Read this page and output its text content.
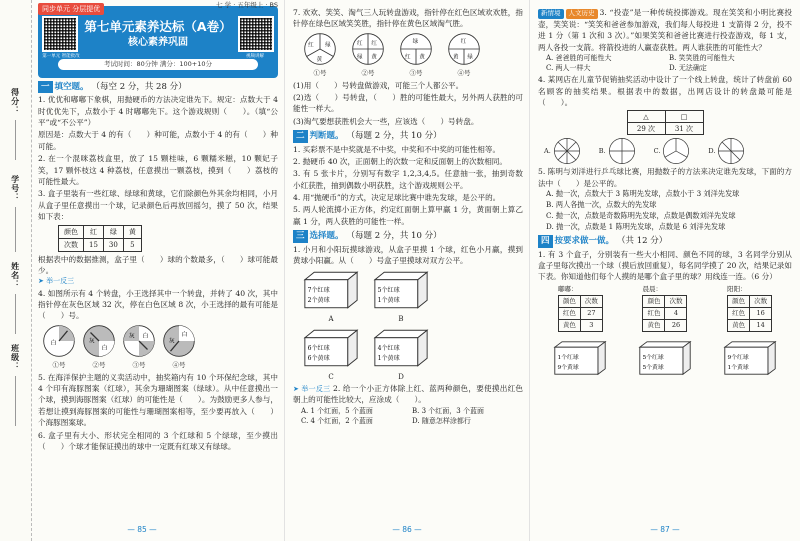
得分：
学号：
姓名：
班级：
同步单元 分层提优
第一单元 智能批改
第七单元素养达标（A卷）
核心素养巩固
视频讲解
考试时间：80分钟 满分：100+10分
七 学 · 五年级上 · BS
一 填空题。 （每空 2 分，共 28 分）
1. 优优和嘟嘟下象棋，用抛硬币的方法决定谁先下。规定：点数大于 4 时优优先下，点数小于 4 时嘟嘟先下。这个游戏规则（　　）。（填“公平”或“不公平”）
原因是：点数大于 4 的有（　　）种可能，点数小于 4 的有（　　）种可能。
2. 在一个混咪荔枝盒里，放了 15 颗桂味，6 颗糯米糍，10 颗妃子笑，17 颗怀枝这 4 种荔枝，任意摸出一颗荔枝，摸到（　　）荔枝的可能性最大。
3. 盒子里装有一些红球、绿球和黄球，它们除颜色外其余均相同，小月从盒子里任意摸出一个球，记录颜色后再放回摇匀，摸了 50 次，结果如下表：
颜色	红	绿	黄
次数	15	30	5
根据表中的数据推测，盒子里（　　）球的个数最多，（　　）球可能最少。
➤ 举一反三
4. 如图所示有 4 个转盘，小王选择其中一个转盘，并转了 40 次，其中指针停在灰色区域 32 次，停在白色区域 8 次，小王选择的最有可能是（　　）号。
白
①号
白
灰
②号
灰 白
③号
灰
白
④号
5. 在海洋保护主题的义卖活动中，抽奖箱内有 10 个环保纪念球，其中 4 个印有海豚图案（红球），其余为珊瑚图案（绿球）。从中任意摸出一个球，摸到海豚图案（红球）的可能性是（　　）。为鼓励更多人参与，若想让摸到海豚图案的可能性与珊瑚图案相等，至少要再放入（　　）个海豚图案球。
6. 盒子里有大小、形状完全相同的 3 个红球和 5 个绿球，至少摸出（　　）个球才能保证摸出的球中一定既有红球又有绿球。
— 85 —
7. 欢欢、笑笑、淘气三人玩转盘游戏，指针停在红色区域欢欢胜，指针停在绿色区域笑笑胜，指针停在黄色区域淘气胜。
红 绿
黄
①号
红 红
绿 黄
②号
绿
红 黄
③号
红
黄 绿
④号
(1)用（　　）号转盘做游戏，可能三个人都公平。
(2)选（　　）号转盘，（　　）胜的可能性最大，另外两人获胜的可能性一样大。
(3)淘气要想获胜机会大一些，应该选（　　）号转盘。
二 判断题。 （每题 2 分，共 10 分）
1. 买彩票不是中奖就是不中奖，中奖和不中奖的可能性相等。
2. 抛硬币 40 次，正面朝上的次数一定和反面朝上的次数相同。
3. 有 5 张卡片，分别写有数字 1,2,3,4,5。任意抽一张，抽到奇数小红获胜，抽到偶数小明获胜，这个游戏规则公平。
4. 用“抛硬币”的方式，决定足球比赛中谁先发球，是公平的。
5. 两人轮流掷小正方体，约定红面朝上算甲赢 1 分，黄面朝上算乙赢 1 分，两人获胜的可能性一样。
三 选择题。 （每题 2 分，共 10 分）
1. 小月和小阳玩摸球游戏，从盒子里摸 1 个球，红色小月赢，摸到黄球小阳赢。从（　　）号盒子里摸球对双方公平。
7个红球
2个黄球
A
5个红球
1个黄球
B
6个红球
6个黄球
C
4个红球
1个黄球
D
➤ 举一反三 2. 给一个小正方体除上红、蓝两种颜色，要使摸出红色朝上的可能性比较大，应涂成（　　）。
A. 1 个红面，5 个蓝面	B. 3 个红面，3 个蓝面
C. 4 个红面，2 个蓝面	D. 随意怎样涂都行
— 86 —
新情境 人文历史 3. “投壶”是一种传统投掷游戏。现在笑笑和小明比赛投壶，笑笑说：“笑笑和爸爸参加游戏，我们每人每投进 1 支箭得 2 分，投不进 1 分（第 1 次和 3 次）。”如果笑笑和爸爸比赛进行投壶游戏，每 1 支，两人各投一支箭。将箭投进的人赢壶获胜。两人谁获胜的可能性大？
A. 爸爸胜的可能性大	B. 笑笑胜的可能性大
C. 两人一样大	D. 无法确定
4. 某网店在儿童节促销抽奖活动中设计了一个线上转盘，统计了转盘前 60 名顾客的抽奖结果。根据表中的数据，出网店设计的转盘最可能是（　　）。
△	□
29 次	31 次
A.	B.	C.	D.
5. 陈明与刘洋进行乒乓球比赛，用抛数子的方法来决定谁先发球，下面的方法中（　　）是公平的。
A. 抛一次，点数大于 3 陈明先发球，点数小于 3 刘洋先发球
B. 两人各抛一次，点数大的先发球
C. 抛一次，点数是奇数陈明先发球，点数是偶数刘洋先发球
D. 抛一次，点数是 1 陈明先发球，点数是 6 刘洋先发球
四 按要求做一做。 （共 12 分）
1. 有 3 个盒子，分别装有一些大小相同、颜色不同的球，3 名同学分别从盒子里每次摸出一个球（摸后放回重复），每名同学摸了 20 次，结果记录如下表。你知道他们每个人摸的是哪个盒子里的球？用线连一连。（6 分）
嘟嘟：
颜色	次数
红色	27
黄色	3
晨晨：
颜色	次数
红色	4
黄色	26
阳阳：
颜色	次数
红色	16
黄色	14
1个红球
9个黄球
5个红球
5个黄球
9个红球
1个黄球
— 87 —
